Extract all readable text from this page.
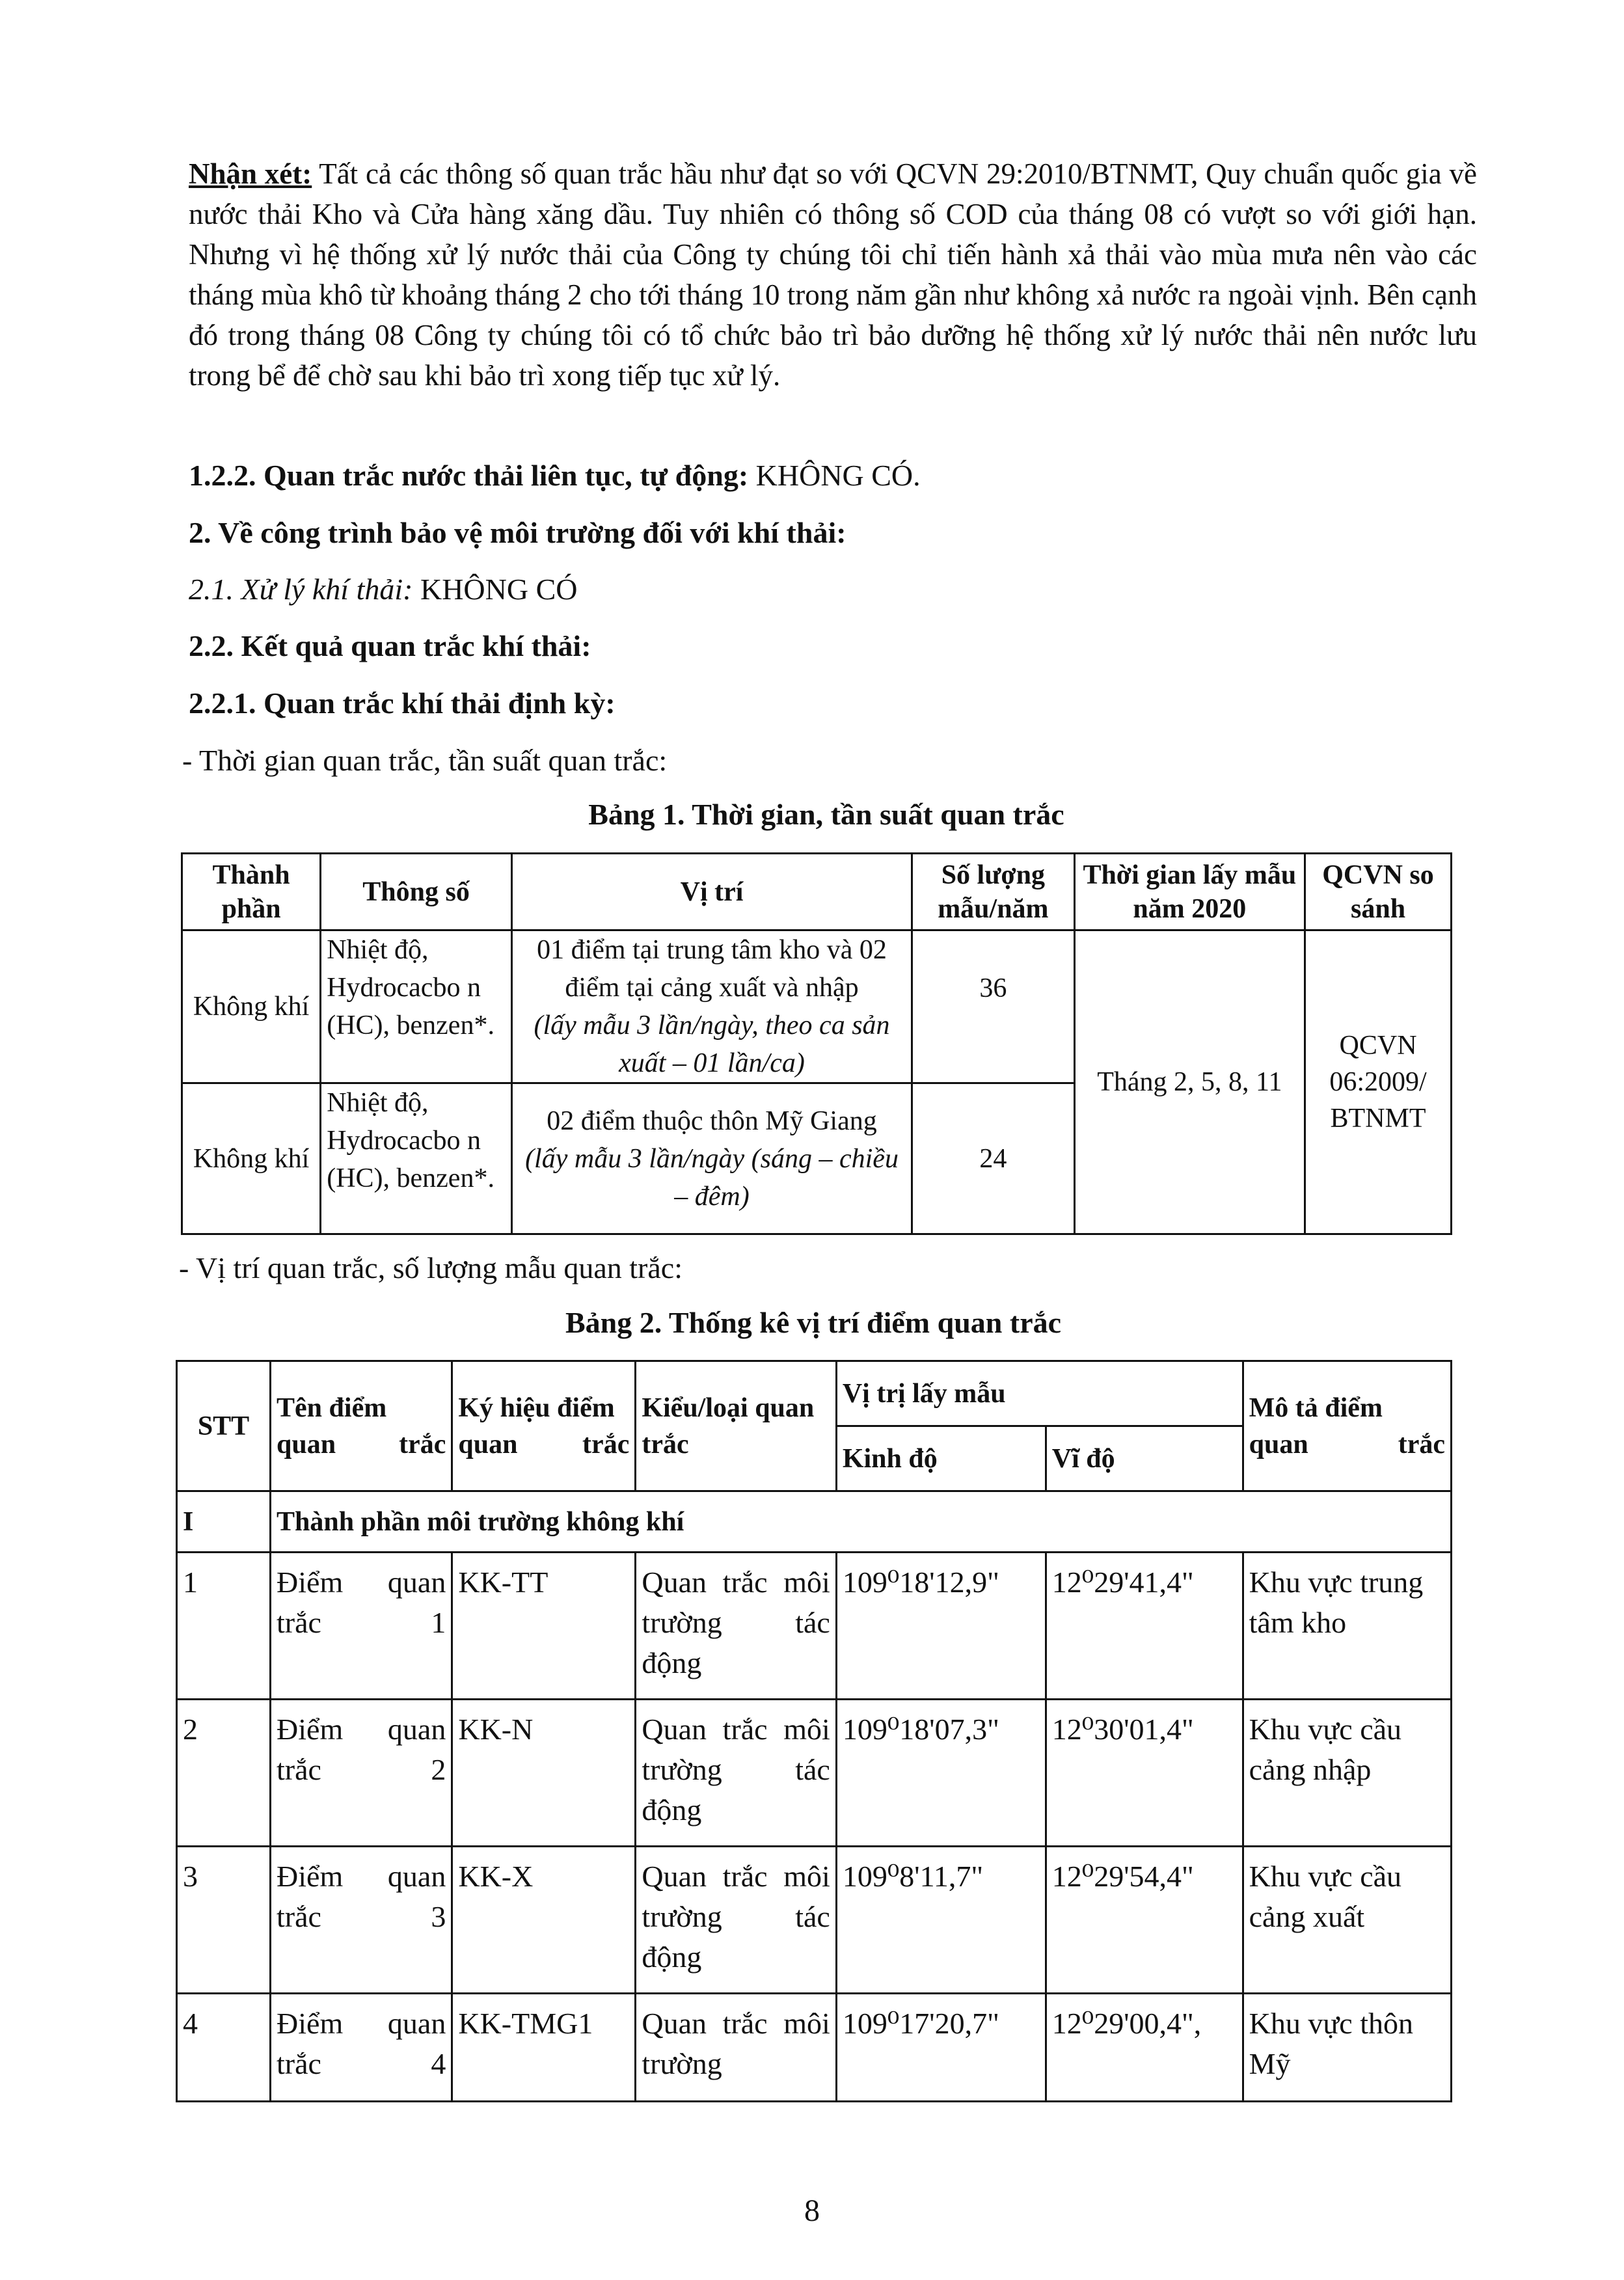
Nhận xét: Tất cả các thông số quan trắc hầu như đạt so với QCVN 29:2010/BTNMT, Quy chuẩn quốc gia về nước thải Kho và Cửa hàng xăng dầu. Tuy nhiên có thông số COD của tháng 08 có vượt so với giới hạn. Nhưng vì hệ thống xử lý nước thải của Công ty chúng tôi chỉ tiến hành xả thải vào mùa mưa nên vào các tháng mùa khô từ khoảng tháng 2 cho tới tháng 10 trong năm gần như không xả nước ra ngoài vịnh. Bên cạnh đó trong tháng 08 Công ty chúng tôi có tổ chức bảo trì bảo dưỡng hệ thống xử lý nước thải nên nước lưu trong bể để chờ sau khi bảo trì xong tiếp tục xử lý.
1.2.2. Quan trắc nước thải liên tục, tự động: KHÔNG CÓ.
2. Về công trình bảo vệ môi trường đối với khí thải:
2.1. Xử lý khí thải: KHÔNG CÓ
2.2. Kết quả quan trắc khí thải:
2.2.1. Quan trắc khí thải định kỳ:
- Thời gian quan trắc, tần suất quan trắc:
Bảng 1. Thời gian, tần suất quan trắc
Thành phần	Thông số	Vị trí	Số lượng mẫu/năm	Thời gian lấy mẫu năm 2020	QCVN so sánh
Không khí	Nhiệt độ, Hydrocacbo n (HC), benzen*.	01 điểm tại trung tâm kho và 02 điểm tại cảng xuất và nhập
(lấy mẫu 3 lần/ngày, theo ca sản xuất – 01 lần/ca)	36	Tháng 2, 5, 8, 11	QCVN 06:2009/ BTNMT
Không khí	Nhiệt độ, Hydrocacbo n (HC), benzen*.	02 điểm thuộc thôn Mỹ Giang
(lấy mẫu 3 lần/ngày (sáng – chiều – đêm)	24		
- Vị trí quan trắc, số lượng mẫu quan trắc:
Bảng 2. Thống kê vị trí điểm quan trắc
STT	Tên điểm quan trắc	Ký hiệu điểm quan trắc	Kiểu/loại quan trắc	Vị trị lấy mẫu		Mô tả điểm quan trắc
				Kinh độ	Vĩ độ	
I	Thành phần môi trường không khí					
1	Điểm quan trắc 1	KK-TT	Quan trắc môi trường tác động	109⁰18'12,9"	12⁰29'41,4"	Khu vực trung tâm kho
2	Điểm quan trắc 2	KK-N	Quan trắc môi trường tác động	109⁰18'07,3"	12⁰30'01,4"	Khu vực cầu cảng nhập
3	Điểm quan trắc 3	KK-X	Quan trắc môi trường tác động	109⁰8'11,7"	12⁰29'54,4"	Khu vực cầu cảng xuất
4	Điểm quan trắc 4	KK-TMG1	Quan trắc môi trường	109⁰17'20,7"	12⁰29'00,4",	Khu vực thôn Mỹ
8
